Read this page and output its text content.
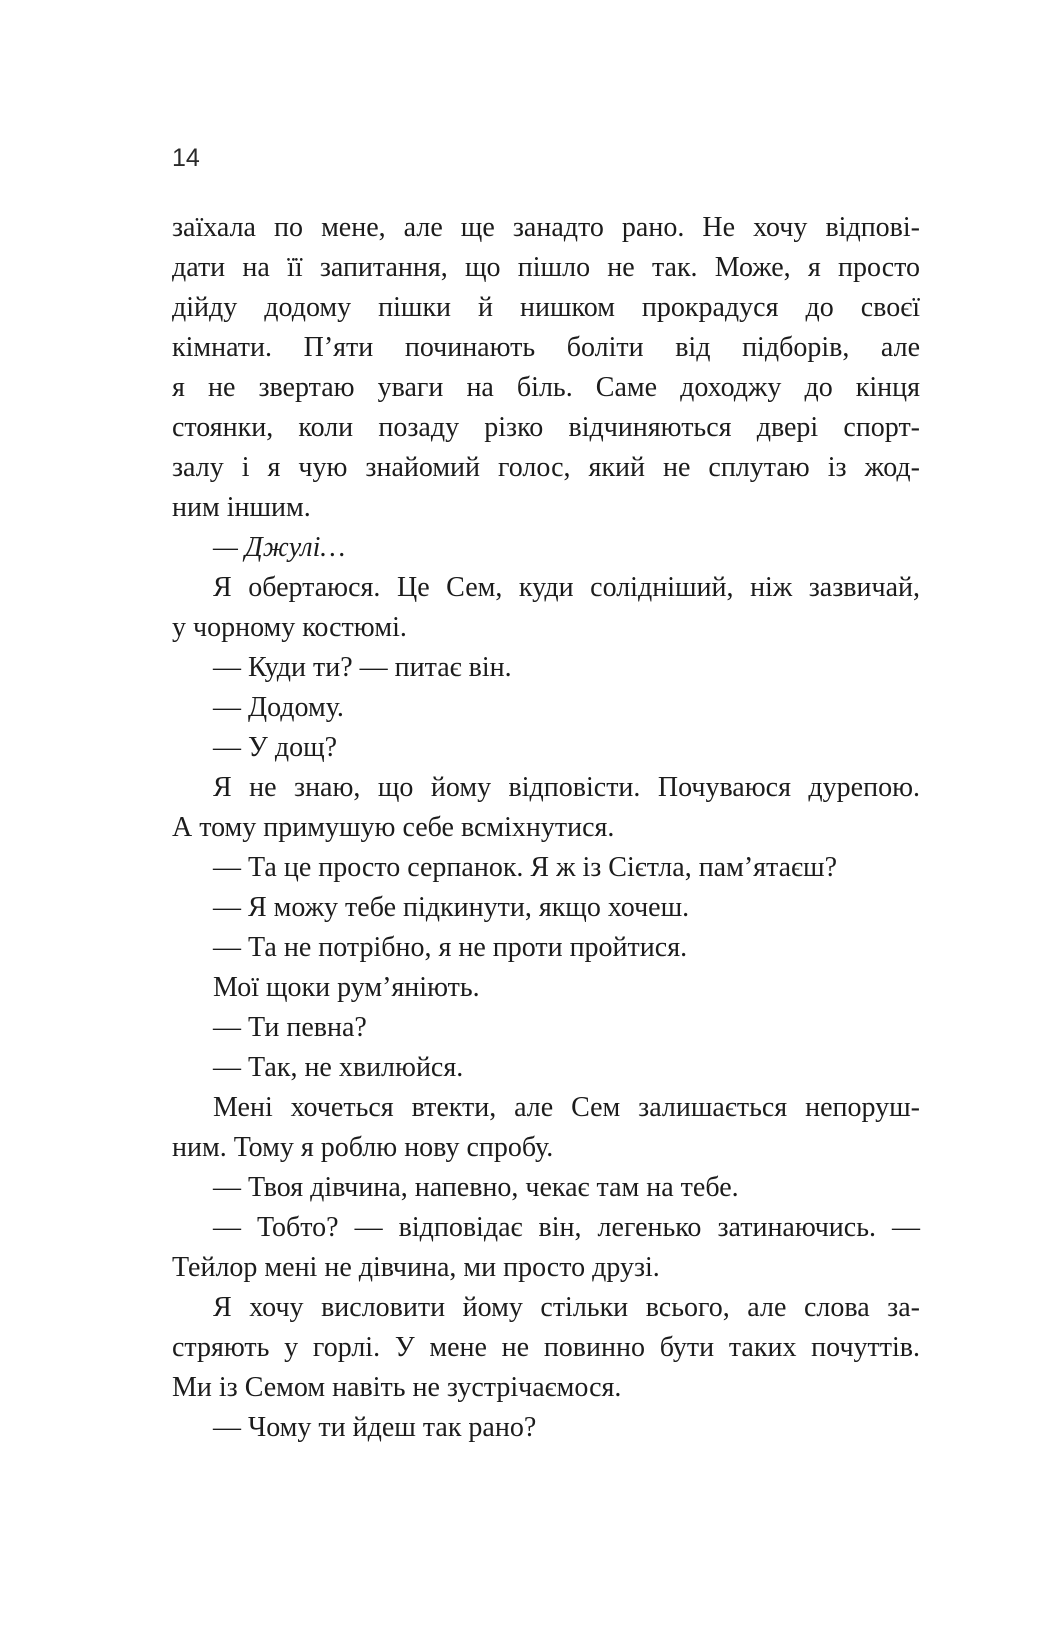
14
заїхала по мене, але ще занадто рано. Не хочу відпові-
дати на її запитання, що пішло не так. Може, я просто
дійду додому пішки й нишком прокрадуся до своєї
кімнати. П’яти починають боліти від підборів, але
я не звертаю уваги на біль. Саме доходжу до кінця
стоянки, коли позаду різко відчиняються двері спорт-
залу і я чую знайомий голос, який не сплутаю із жод-
ним іншим.
— Джулі…
Я обертаюся. Це Сем, куди солідніший, ніж зазвичай,
у чорному костюмі.
— Куди ти? — питає він.
— Додому.
— У дощ?
Я не знаю, що йому відповісти. Почуваюся дурепою.
А тому примушую себе всміхнутися.
— Та це просто серпанок. Я ж із Сієтла, пам’ятаєш?
— Я можу тебе підкинути, якщо хочеш.
— Та не потрібно, я не проти пройтися.
Мої щоки рум’яніють.
— Ти певна?
— Так, не хвилюйся.
Мені хочеться втекти, але Сем залишається непоруш-
ним. Тому я роблю нову спробу.
— Твоя дівчина, напевно, чекає там на тебе.
— Тобто? — відповідає він, легенько затинаючись. —
Тейлор мені не дівчина, ми просто друзі.
Я хочу висловити йому стільки всього, але слова за-
стряють у горлі. У мене не повинно бути таких почуттів.
Ми із Семом навіть не зустрічаємося.
— Чому ти йдеш так рано?
